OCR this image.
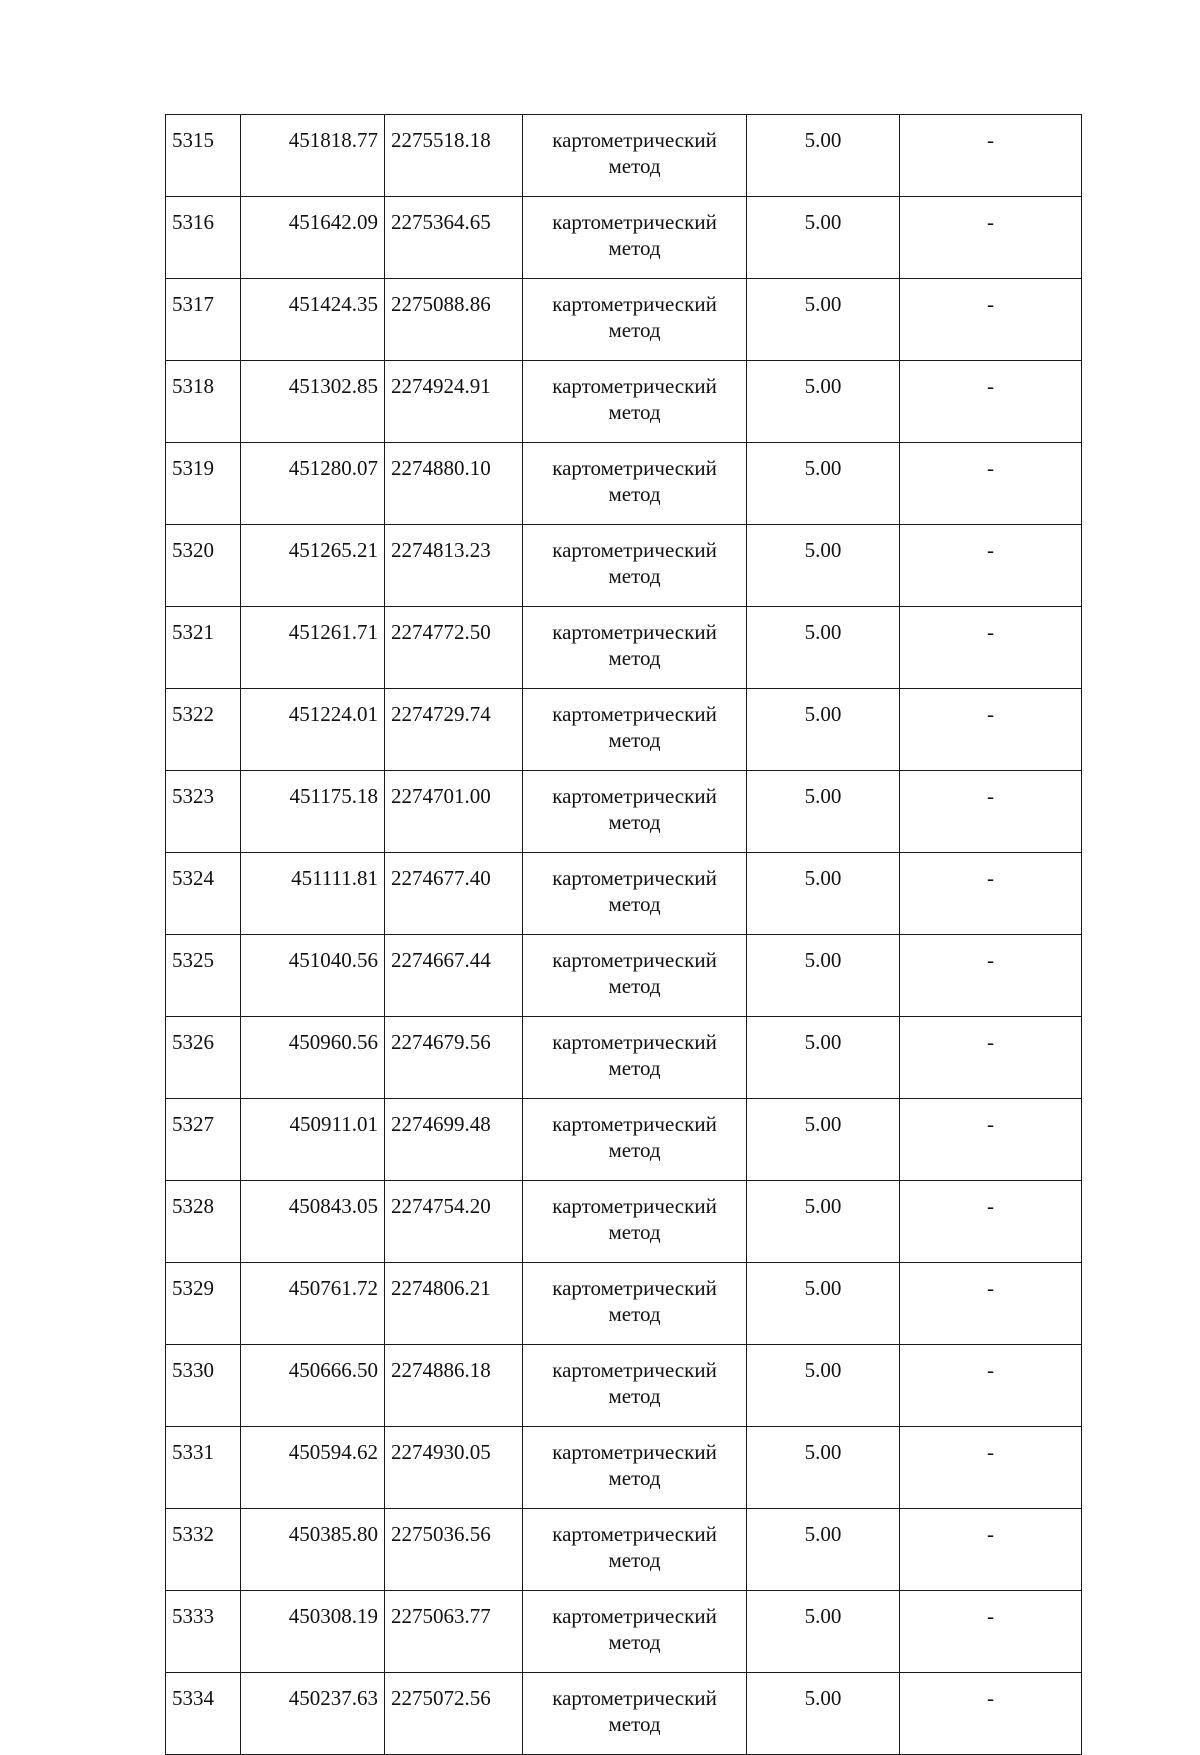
5315	451818.77	2275518.18	картометрический метод	5.00	-
5316	451642.09	2275364.65	картометрический метод	5.00	-
5317	451424.35	2275088.86	картометрический метод	5.00	-
5318	451302.85	2274924.91	картометрический метод	5.00	-
5319	451280.07	2274880.10	картометрический метод	5.00	-
5320	451265.21	2274813.23	картометрический метод	5.00	-
5321	451261.71	2274772.50	картометрический метод	5.00	-
5322	451224.01	2274729.74	картометрический метод	5.00	-
5323	451175.18	2274701.00	картометрический метод	5.00	-
5324	451111.81	2274677.40	картометрический метод	5.00	-
5325	451040.56	2274667.44	картометрический метод	5.00	-
5326	450960.56	2274679.56	картометрический метод	5.00	-
5327	450911.01	2274699.48	картометрический метод	5.00	-
5328	450843.05	2274754.20	картометрический метод	5.00	-
5329	450761.72	2274806.21	картометрический метод	5.00	-
5330	450666.50	2274886.18	картометрический метод	5.00	-
5331	450594.62	2274930.05	картометрический метод	5.00	-
5332	450385.80	2275036.56	картометрический метод	5.00	-
5333	450308.19	2275063.77	картометрический метод	5.00	-
5334	450237.63	2275072.56	картометрический метод	5.00	-
